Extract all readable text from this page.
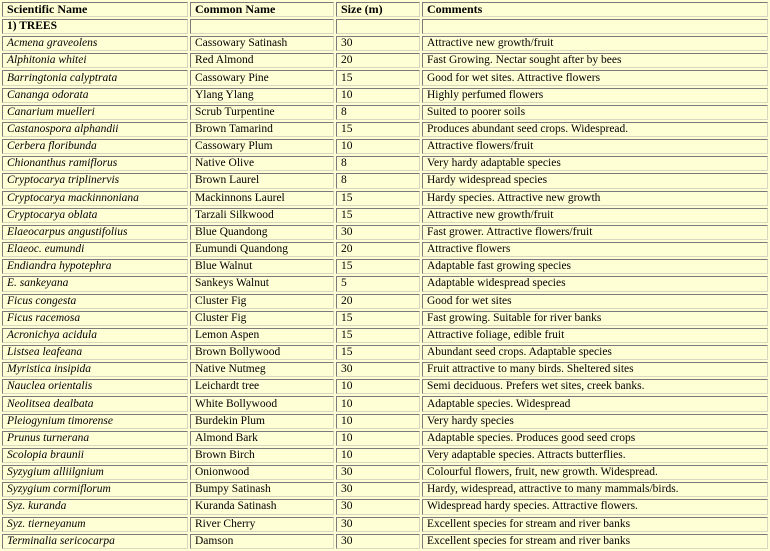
Scientific Name	Common Name	Size (m)	Comments
1) TREES			
Acmena graveolens	Cassowary Satinash	30	Attractive new growth/fruit
Alphitonia whitei	Red Almond	20	Fast Growing. Nectar sought after by bees
Barringtonia calyptrata	Cassowary Pine	15	Good for wet sites. Attractive flowers
Cananga odorata	Ylang Ylang	10	Highly perfumed flowers
Canarium muelleri	Scrub Turpentine	8	Suited to poorer soils
Castanospora alphandii	Brown Tamarind	15	Produces abundant seed crops. Widespread.
Cerbera floribunda	Cassowary Plum	10	Attractive flowers/fruit
Chionanthus ramiflorus	Native Olive	8	Very hardy adaptable species
Cryptocarya triplinervis	Brown Laurel	8	Hardy widespread species
Cryptocarya mackinnoniana	Mackinnons Laurel	15	Hardy species. Attractive new growth
Cryptocarya oblata	Tarzali Silkwood	15	Attractive new growth/fruit
Elaeocarpus angustifolius	Blue Quandong	30	Fast grower. Attractive flowers/fruit
Elaeoc. eumundi	Eumundi Quandong	20	Attractive flowers
Endiandra hypotephra	Blue Walnut	15	Adaptable fast growing species
E. sankeyana	Sankeys Walnut	5	Adaptable widespread species
Ficus congesta	Cluster Fig	20	Good for wet sites
Ficus racemosa	Cluster Fig	15	Fast growing. Suitable for river banks
Acronichya acidula	Lemon Aspen	15	Attractive foliage, edible fruit
Listsea leafeana	Brown Bollywood	15	Abundant seed crops. Adaptable species
Myristica insipida	Native Nutmeg	30	Fruit attractive to many birds. Sheltered sites
Nauclea orientalis	Leichardt tree	10	Semi deciduous. Prefers wet sites, creek banks.
Neolitsea dealbata	White Bollywood	10	Adaptable species. Widespread
Pleiogynium timorense	Burdekin Plum	10	Very hardy species
Prunus turnerana	Almond Bark	10	Adaptable species. Produces good seed crops
Scolopia braunii	Brown Birch	10	Very adaptable species. Attracts butterflies.
Syzygium alliilgnium	Onionwood	30	Colourful flowers, fruit, new growth. Widespread.
Syzygium cormiflorum	Bumpy Satinash	30	Hardy, widespread, attractive to many mammals/birds.
Syz. kuranda	Kuranda Satinash	30	Widespread hardy species. Attractive flowers.
Syz. tierneyanum	River Cherry	30	Excellent species for stream and river banks
Terminalia sericocarpa	Damson	30	Excellent species for stream and river banks
